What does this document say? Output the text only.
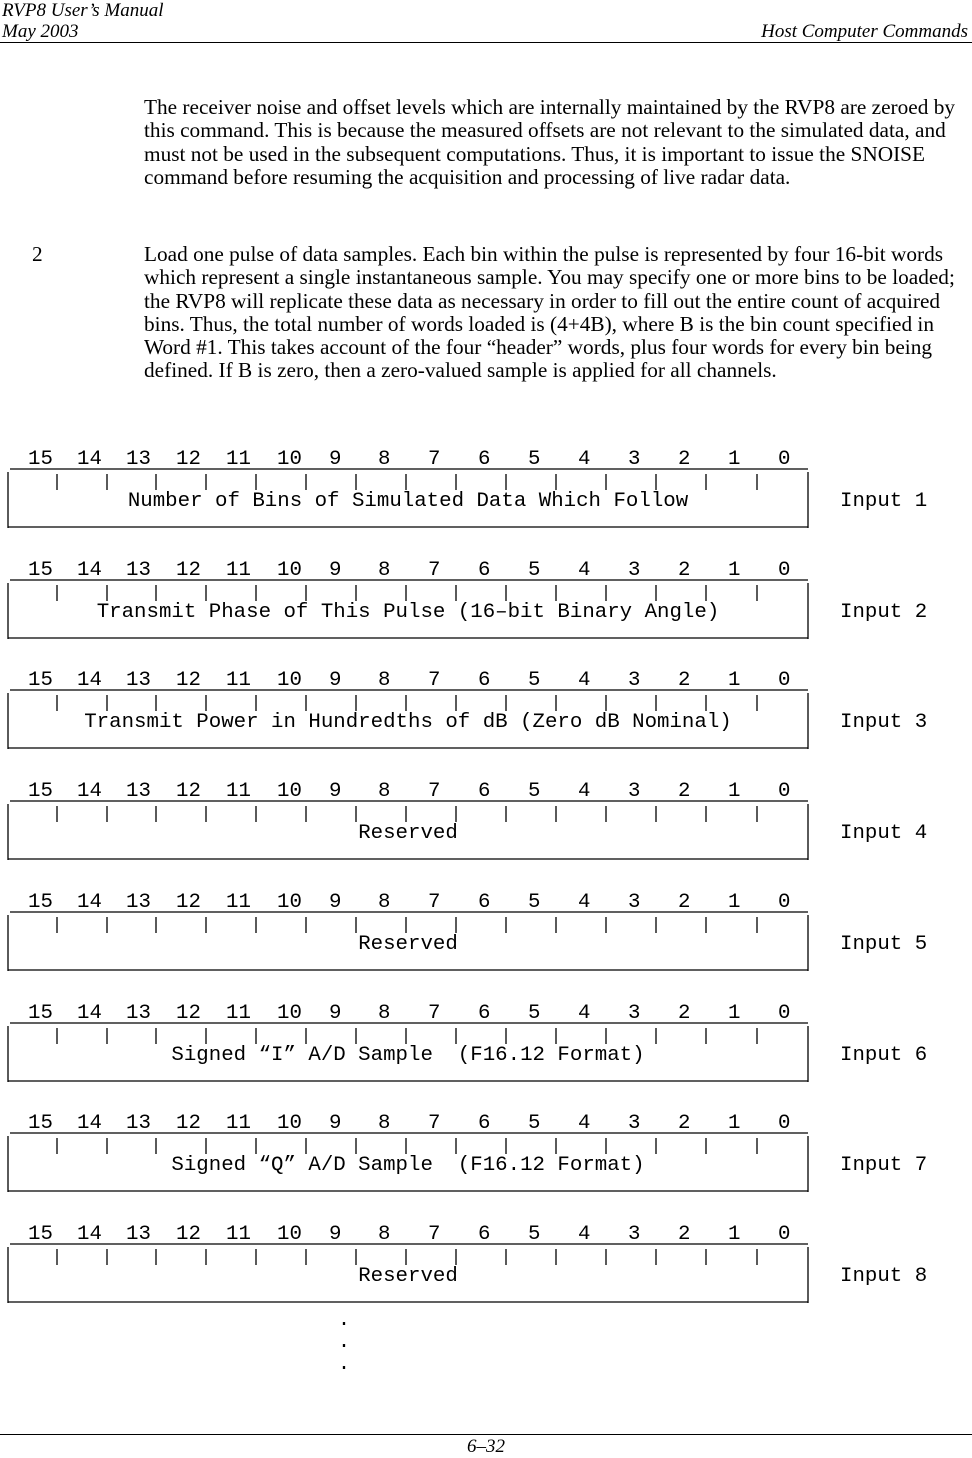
RVP8 User’s Manual
May 2003	Host Computer Commands
The receiver noise and offset levels which are internally maintained by the RVP8 are zeroed by this command. This is because the measured offsets are not relevant to the simulated data, and must not be used in the subsequent computations. Thus, it is important to issue the SNOISE command before resuming the acquisition and processing of live radar data.
2	Load one pulse of data samples. Each bin within the pulse is represented by four 16-bit words which represent a single instantaneous sample. You may specify one or more bins to be loaded; the RVP8 will replicate these data as necessary in order to fill out the entire count of acquired bins. Thus, the total number of words loaded is (4+4B), where B is the bin count specified in Word #1. This takes account of the four “header” words, plus four words for every bin being defined. If B is zero, then a zero-valued sample is applied for all channels.
15 14 13 12 11 10 9 8 7 6 5 4 3 2 1 0
Number of Bins of Simulated Data Which Follow	Input 1
15 14 13 12 11 10 9 8 7 6 5 4 3 2 1 0
Transmit Phase of This Pulse (16–bit Binary Angle)	Input 2
15 14 13 12 11 10 9 8 7 6 5 4 3 2 1 0
Transmit Power in Hundredths of dB (Zero dB Nominal)	Input 3
15 14 13 12 11 10 9 8 7 6 5 4 3 2 1 0
Reserved	Input 4
15 14 13 12 11 10 9 8 7 6 5 4 3 2 1 0
Reserved	Input 5
15 14 13 12 11 10 9 8 7 6 5 4 3 2 1 0
Signed “I” A/D Sample  (F16.12 Format)	Input 6
15 14 13 12 11 10 9 8 7 6 5 4 3 2 1 0
Signed “Q” A/D Sample  (F16.12 Format)	Input 7
15 14 13 12 11 10 9 8 7 6 5 4 3 2 1 0
Reserved	Input 8
.
.
.
6–32
